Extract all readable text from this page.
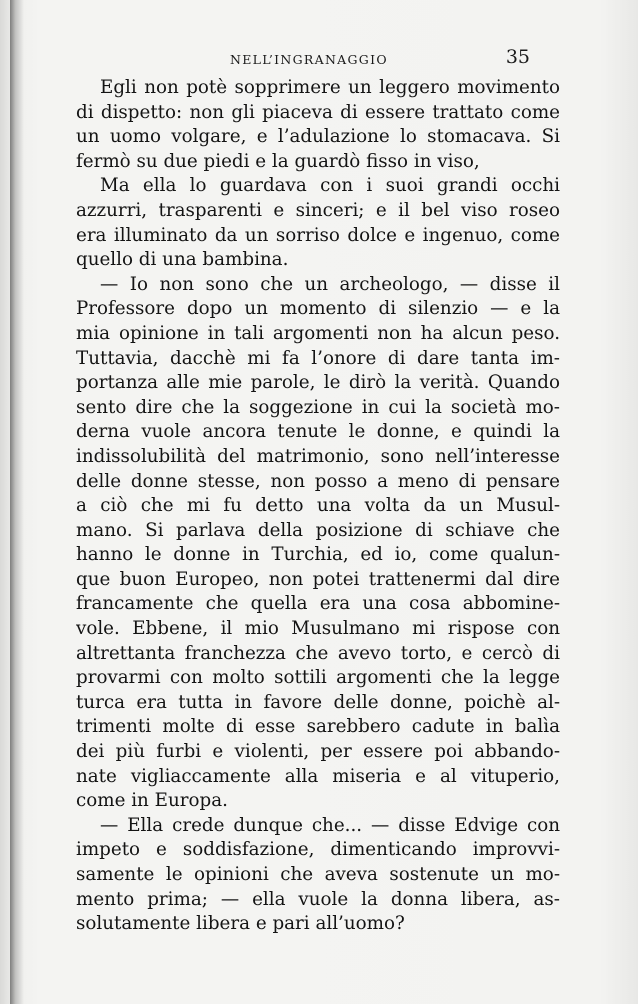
NELL’INGRANAGGIO	35
Egli non potè sopprimere un leggero movimento
di dispetto: non gli piaceva di essere trattato come
un uomo volgare, e l’adulazione lo stomacava. Si
fermò su due piedi e la guardò fisso in viso,
Ma ella lo guardava con i suoi grandi occhi
azzurri, trasparenti e sinceri; e il bel viso roseo
era illuminato da un sorriso dolce e ingenuo, come
quello di una bambina.
— Io non sono che un archeologo, — disse il
Professore dopo un momento di silenzio — e la
mia opinione in tali argomenti non ha alcun peso.
Tuttavia, dacchè mi fa l’onore di dare tanta im-
portanza alle mie parole, le dirò la verità. Quando
sento dire che la soggezione in cui la società mo-
derna vuole ancora tenute le donne, e quindi la
indissolubilità del matrimonio, sono nell’interesse
delle donne stesse, non posso a meno di pensare
a ciò che mi fu detto una volta da un Musul-
mano. Si parlava della posizione di schiave che
hanno le donne in Turchia, ed io, come qualun-
que buon Europeo, non potei trattenermi dal dire
francamente che quella era una cosa abbomine-
vole. Ebbene, il mio Musulmano mi rispose con
altrettanta franchezza che avevo torto, e cercò di
provarmi con molto sottili argomenti che la legge
turca era tutta in favore delle donne, poichè al-
trimenti molte di esse sarebbero cadute in balìa
dei più furbi e violenti, per essere poi abbando-
nate vigliaccamente alla miseria e al vituperio,
come in Europa.
— Ella crede dunque che... — disse Edvige con
impeto e soddisfazione, dimenticando improvvi-
samente le opinioni che aveva sostenute un mo-
mento prima; — ella vuole la donna libera, as-
solutamente libera e pari all’uomo?
